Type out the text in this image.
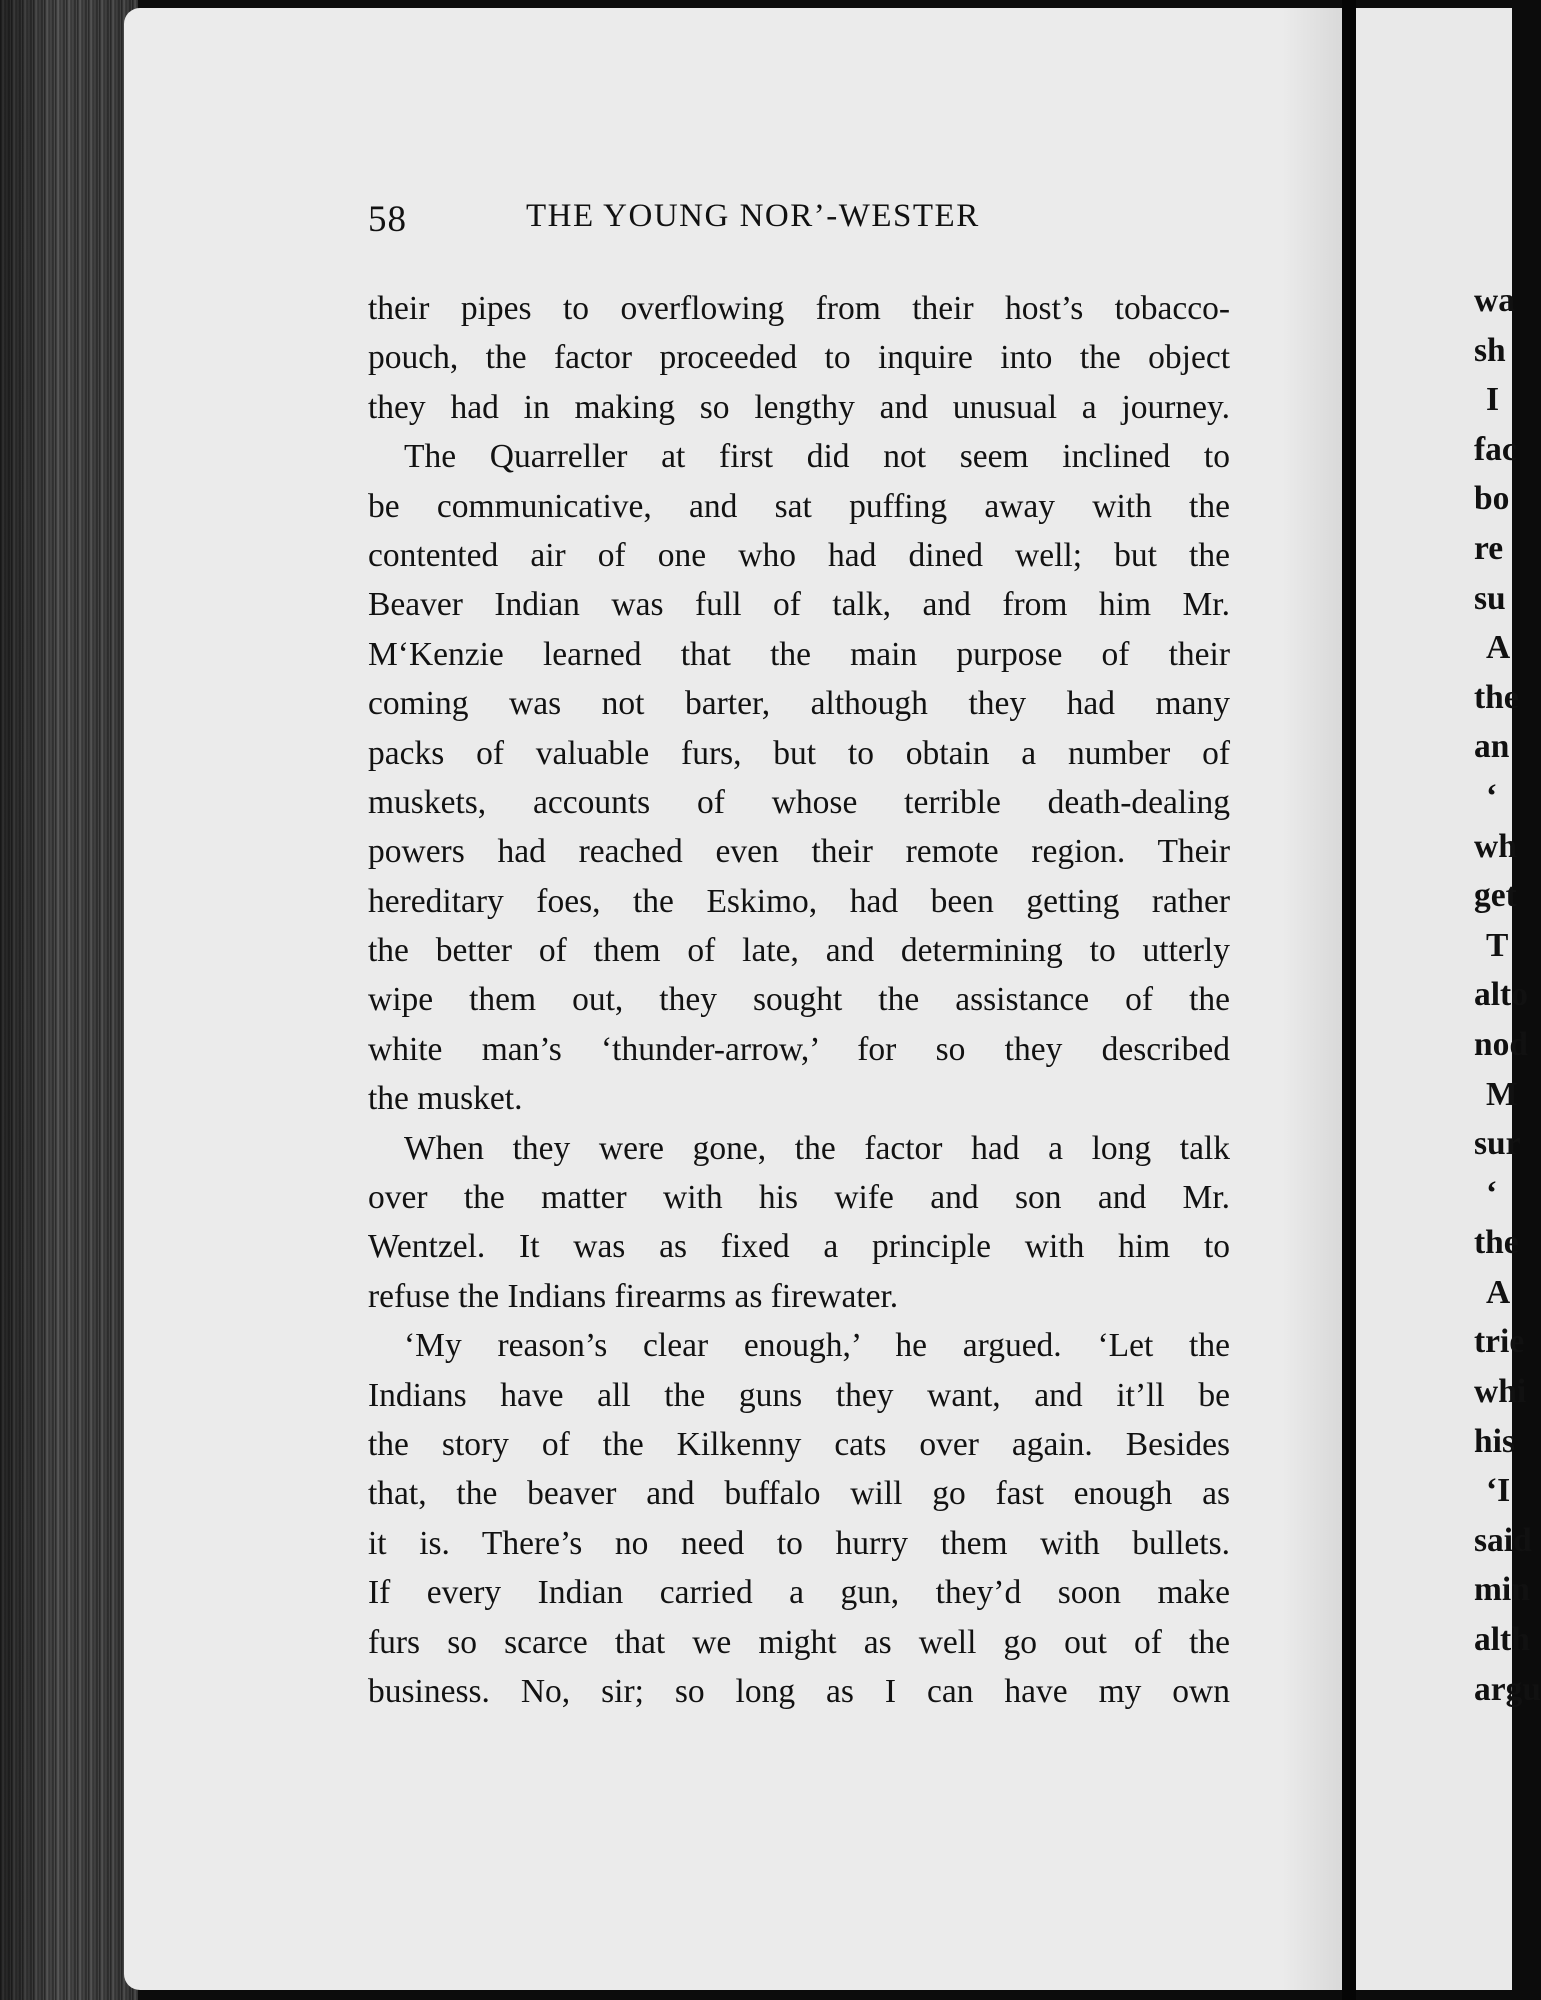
58	THE YOUNG NOR’-WESTER
their pipes to overflowing from their host’s tobacco-
pouch, the factor proceeded to inquire into the object
they had in making so lengthy and unusual a journey.
The Quarreller at first did not seem inclined to
be communicative, and sat puffing away with the
contented air of one who had dined well; but the
Beaver Indian was full of talk, and from him Mr.
M‘Kenzie learned that the main purpose of their
coming was not barter, although they had many
packs of valuable furs, but to obtain a number of
muskets, accounts of whose terrible death-dealing
powers had reached even their remote region. Their
hereditary foes, the Eskimo, had been getting rather
the better of them of late, and determining to utterly
wipe them out, they sought the assistance of the
white man’s ‘thunder-arrow,’ for so they described
the musket.
When they were gone, the factor had a long talk
over the matter with his wife and son and Mr.
Wentzel. It was as fixed a principle with him to
refuse the Indians firearms as firewater.
‘My reason’s clear enough,’ he argued. ‘Let the
Indians have all the guns they want, and it’ll be
the story of the Kilkenny cats over again. Besides
that, the beaver and buffalo will go fast enough as
it is. There’s no need to hurry them with bullets.
If every Indian carried a gun, they’d soon make
furs so scarce that we might as well go out of the
business. No, sir; so long as I can have my own
wa
sh
I
fac
bo
re
su
A
the
an
‘
wh
get
T
alto
nod
M
sur
‘
the
A
trie
whi
his
‘I
said
min
alth
argu
